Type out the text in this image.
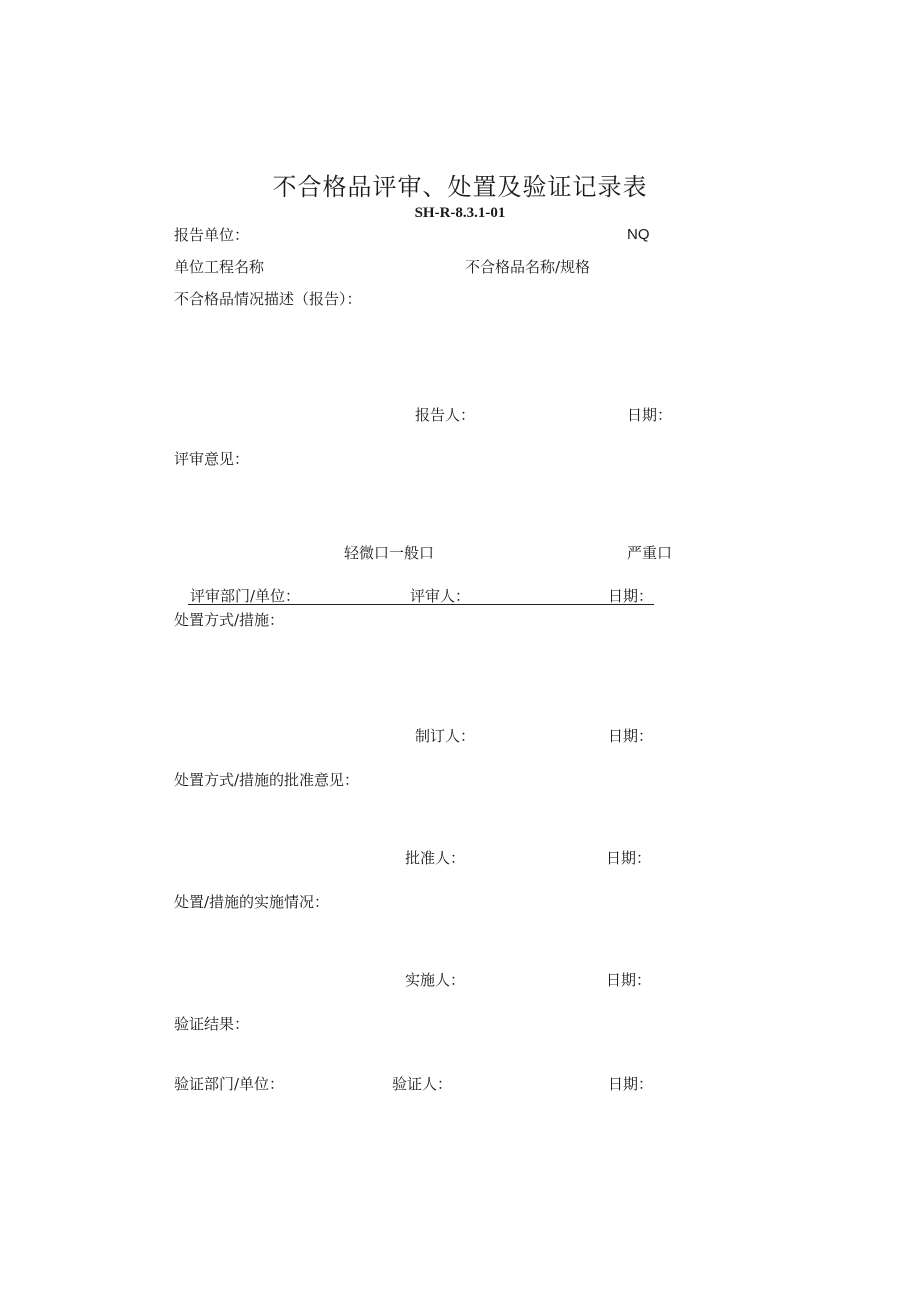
不合格品评审、处置及验证记录表
SH-R-8.3.1-01
报告单位：	NQ
单位工程名称	不合格品名称/规格
不合格品情况描述（报告）：
报告人：	日期：
评审意见：
轻微口一般口	严重口
评审部门/单位：	评审人：	日期：
处置方式/措施：
制订人：	日期：
处置方式/措施的批准意见：
批准人：	日期：
处置/措施的实施情况：
实施人：	日期：
验证结果：
验证部门/单位：	验证人：	日期：
